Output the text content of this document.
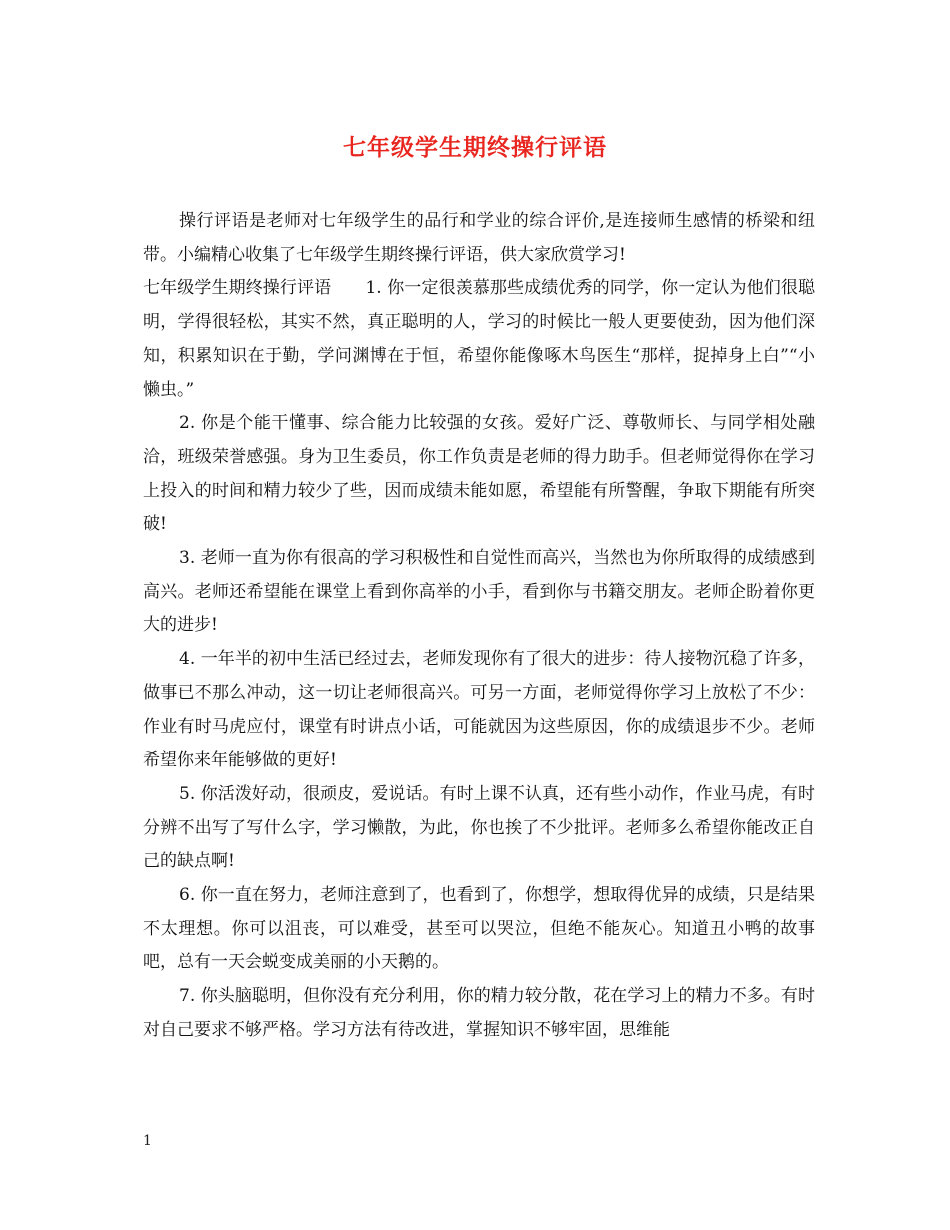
七年级学生期终操行评语

操行评语是老师对七年级学生的品行和学业的综合评价,是连接师生感情的桥梁和纽带。小编精心收集了七年级学生期终操行评语，供大家欣赏学习!

七年级学生期终操行评语　　1. 你一定很羡慕那些成绩优秀的同学，你一定认为他们很聪明，学得很轻松，其实不然，真正聪明的人，学习的时候比一般人更要使劲，因为他们深知，积累知识在于勤，学问渊博在于恒，希望你能像啄木鸟医生“那样，捉掉身上白”“小懒虫。”

2. 你是个能干懂事、综合能力比较强的女孩。爱好广泛、尊敬师长、与同学相处融洽，班级荣誉感强。身为卫生委员，你工作负责是老师的得力助手。但老师觉得你在学习上投入的时间和精力较少了些，因而成绩未能如愿，希望能有所警醒，争取下期能有所突破!

3. 老师一直为你有很高的学习积极性和自觉性而高兴，当然也为你所取得的成绩感到高兴。老师还希望能在课堂上看到你高举的小手，看到你与书籍交朋友。老师企盼着你更大的进步!

4. 一年半的初中生活已经过去，老师发现你有了很大的进步：待人接物沉稳了许多，做事已不那么冲动，这一切让老师很高兴。可另一方面，老师觉得你学习上放松了不少：作业有时马虎应付，课堂有时讲点小话，可能就因为这些原因，你的成绩退步不少。老师希望你来年能够做的更好!

5. 你活泼好动，很顽皮，爱说话。有时上课不认真，还有些小动作，作业马虎，有时分辨不出写了写什么字，学习懒散，为此，你也挨了不少批评。老师多么希望你能改正自己的缺点啊!

6. 你一直在努力，老师注意到了，也看到了，你想学，想取得优异的成绩，只是结果不太理想。你可以沮丧，可以难受，甚至可以哭泣，但绝不能灰心。知道丑小鸭的故事吧，总有一天会蜕变成美丽的小天鹅的。

7. 你头脑聪明，但你没有充分利用，你的精力较分散，花在学习上的精力不多。有时对自己要求不够严格。学习方法有待改进，掌握知识不够牢固，思维能

1
